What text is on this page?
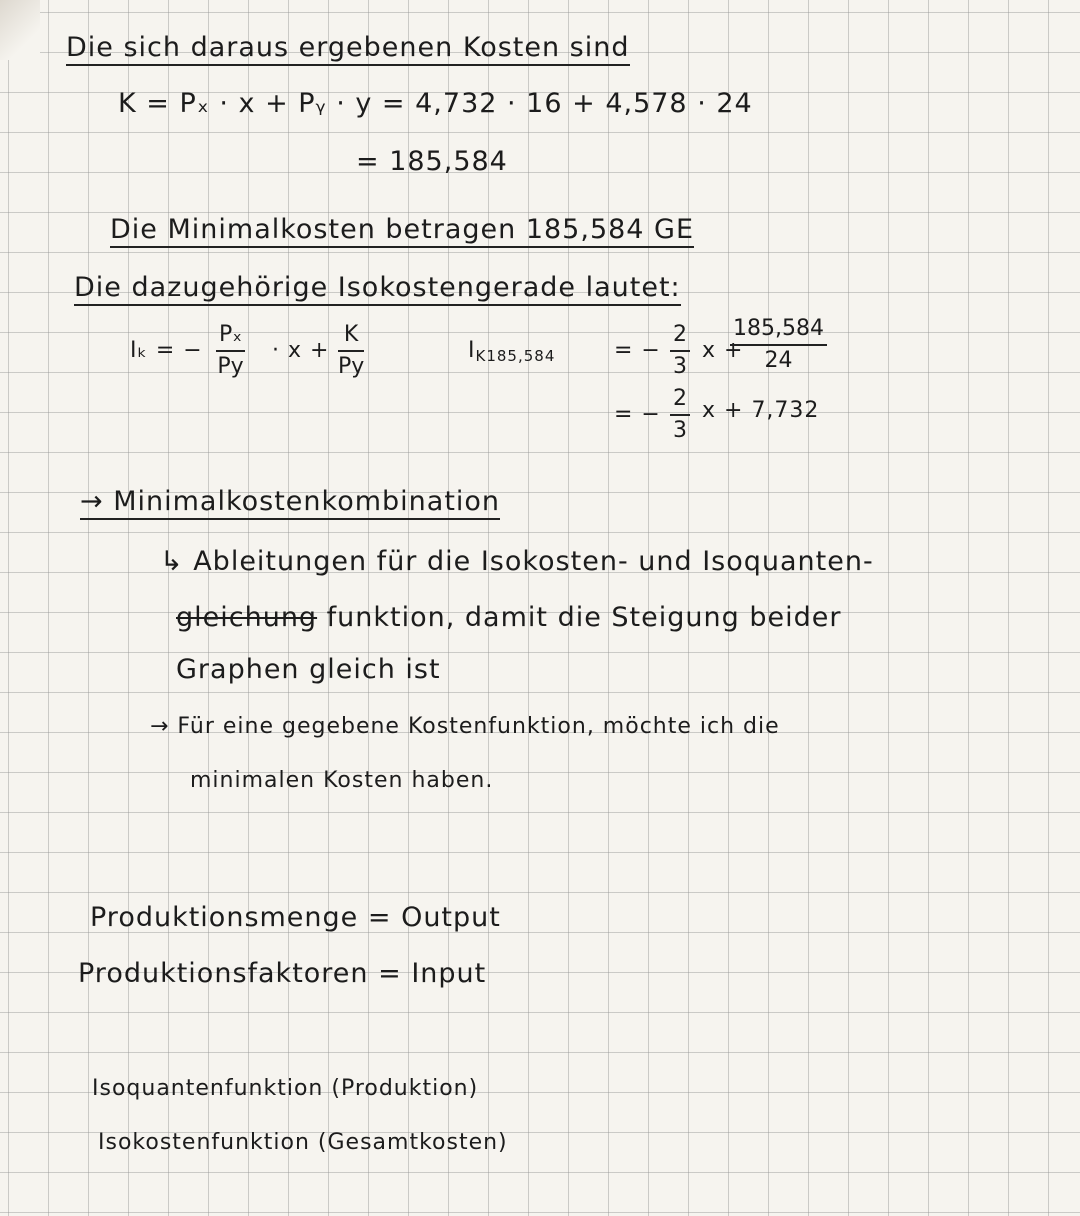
Die sich daraus ergebenen Kosten sind
K = Pₓ · x + Pᵧ · y = 4,732 · 16 + 4,578 · 24
= 185,584
Die Minimalkosten betragen 185,584 GE
Die dazugehörige Isokostengerade lautet:
Iₖ = − $\frac{\text{Pₓ}}{Py} \cdot x + \frac{K}{Py}$	$I_{K185,584}$	= − $\frac{2}{3}$ x +
$\frac{185,584}{24}$
= − $\frac{2}{3}$ x + 7,732
→ Minimalkostenkombination
↳ Ableitungen für die Isokosten- und Isoquanten-
gleichung funktion, damit die Steigung beider
Graphen gleich ist
→ Für eine gegebene Kostenfunktion, möchte ich die
minimalen Kosten haben.
Produktionsmenge = Output
Produktionsfaktoren = Input
Isoquantenfunktion (Produktion)
Isokostenfunktion (Gesamtkosten)
